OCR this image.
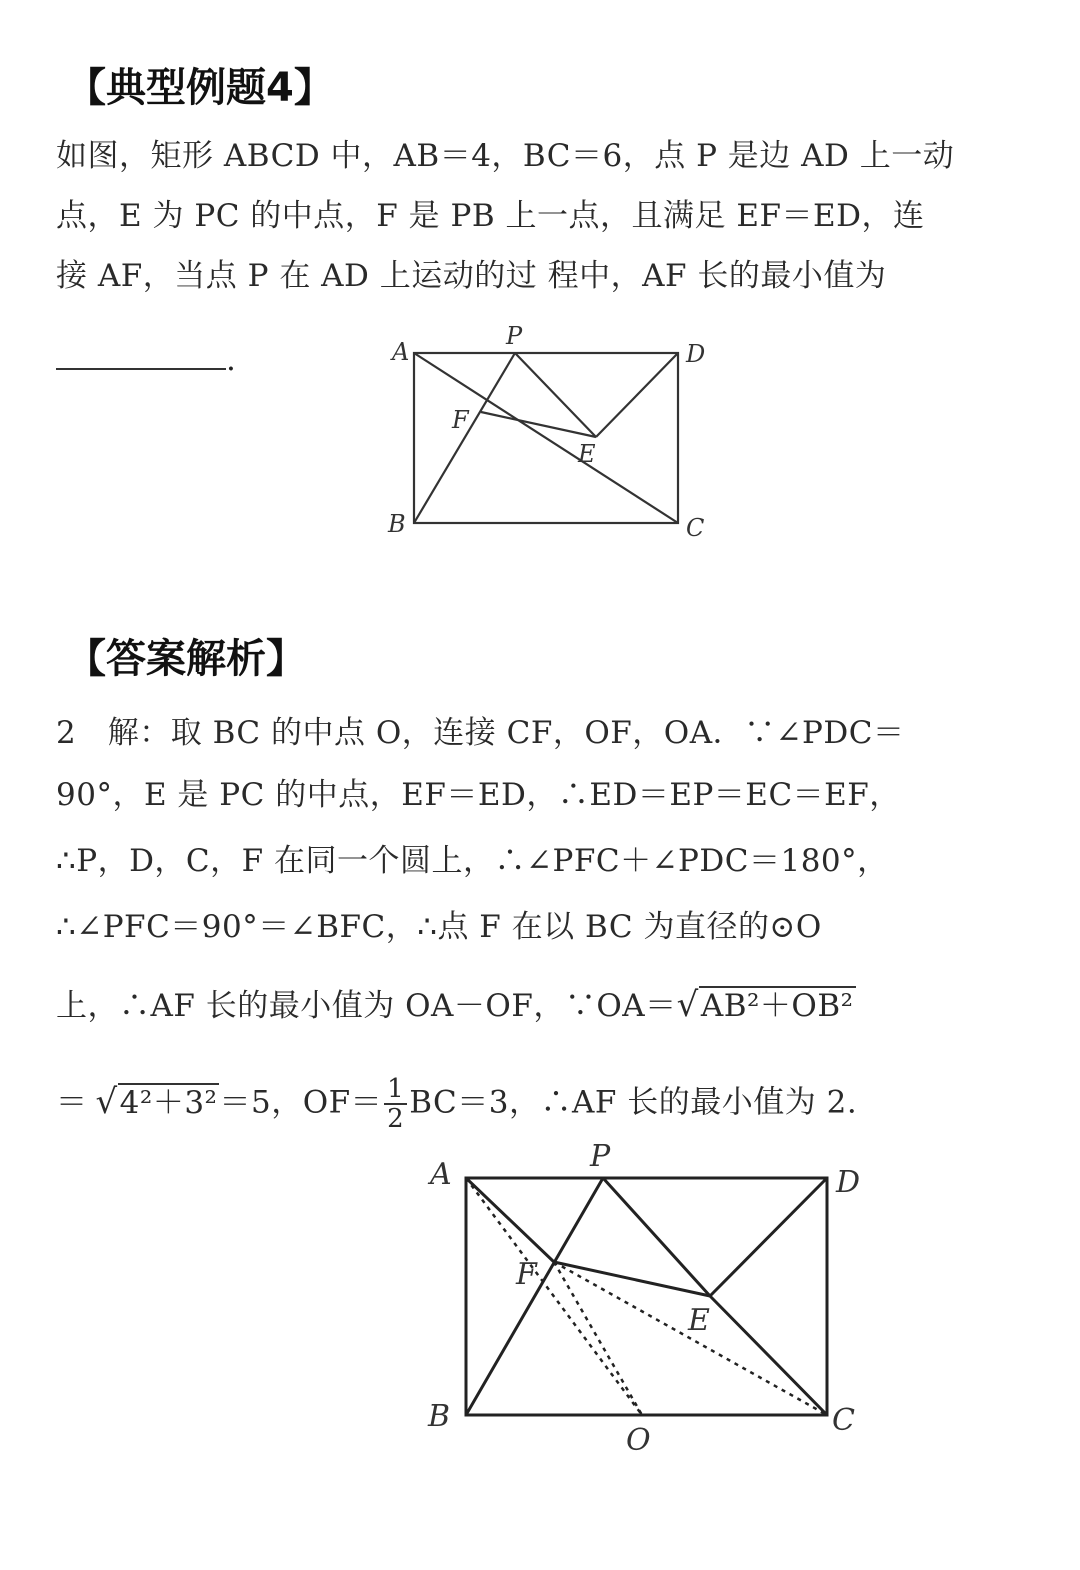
【典型例题4】
如图，矩形 ABCD 中，AB＝4，BC＝6，点 P 是边 AD 上一动
点，E 为 PC 的中点，F 是 PB 上一点，且满足 EF＝ED，连
接 AF，当点 P 在 AD 上运动的过 程中，AF 长的最小值为
.	A
P
D
F
E
B	C
【答案解析】
2　解：取 BC 的中点 O，连接 CF，OF，OA．∵∠PDC＝
90°，E 是 PC 的中点，EF＝ED，∴ED＝EP＝EC＝EF，
∴P，D，C，F 在同一个圆上，∴∠PFC＋∠PDC＝180°，
∴∠PFC＝90°＝∠BFC，∴点 F 在以 BC 为直径的⊙O
上，∴AF 长的最小值为 OA－OF，∵OA＝√AB²＋OB²
＝ √4²＋3²＝5，$OF= \frac{1}{2} BC=3$，∴AF 长的最小值为 2.
A
P
D
F
E
B	C
O
